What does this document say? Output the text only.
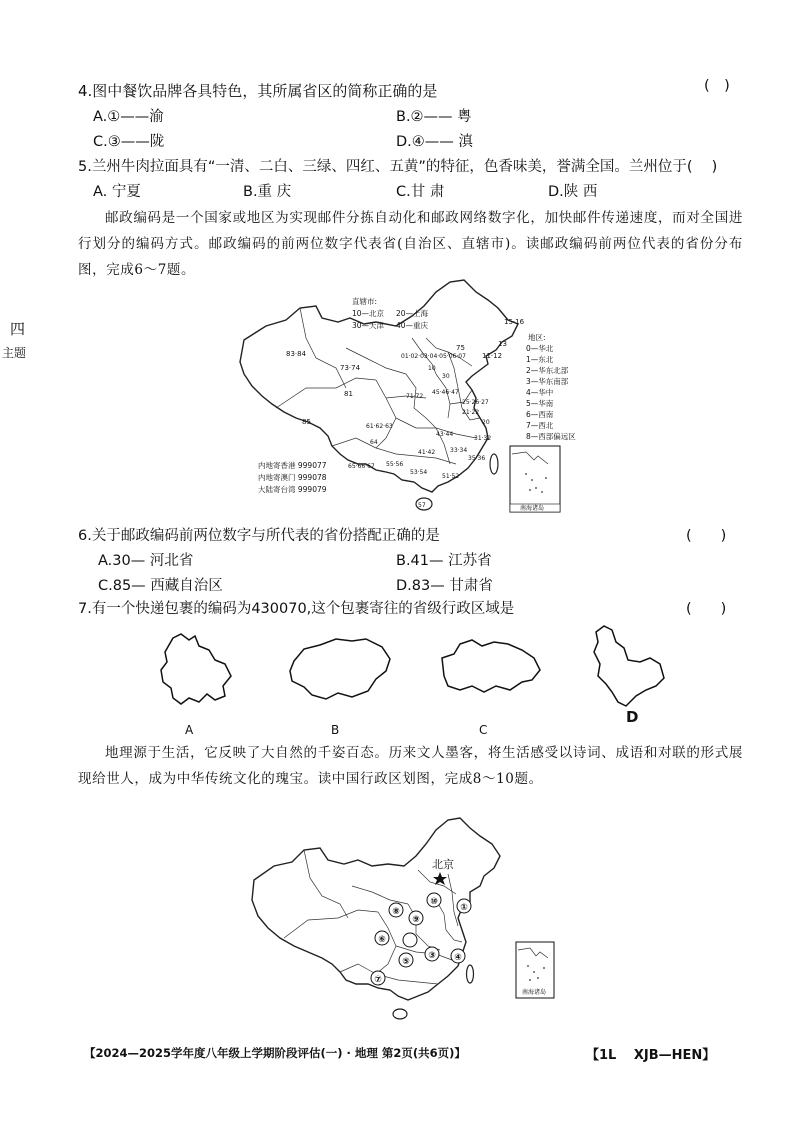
四
主题
4.图中餐饮品牌各具特色，其所属省区的简称正确的是	(　)
A.①——渝	B.②—— 粤
C.③——陇	D.④—— 滇
5.兰州牛肉拉面具有“一清、二白、三绿、四红、五黄”的特征，色香味美，誉满全国。兰州位于(　 )
A. 宁夏	B.重 庆	C.甘 肃	D.陕 西

邮政编码是一个国家或地区为实现邮件分拣自动化和邮政网络数字化，加快邮件传递速度，而对全国进行划分的编码方式。邮政编码的前两位数字代表省(自治区、直辖市)。读邮政编码前两位代表的省份分布图，完成6～7题。

83·84
15·16
13
11·12
73·74
01·02·03·04·05·06·07
81
75
85
71·72
45·46·47
25·26·27
21·22
61·62·63
64
43·44
41·42 33·34
31·32
35·36
55·56
53·54
51·52
65·66·67
57
10
30
20
直辖市:
10—北京 20—上海
30—天津 40—重庆
地区:
0—华北
1—东北
2—华东北部
3—华东南部
4—华中
5—华南
6—西南
7—西北
8—西部偏远区
内地寄香港 999077
内地寄澳门 999078
大陆寄台湾 999079
南海诸岛
6.关于邮政编码前两位数字与所代表的省份搭配正确的是	(　　)
A.30— 河北省	B.41— 江苏省
C.85— 西藏自治区	D.83— 甘肃省
7.有一个快递包裹的编码为430070,这个包裹寄往的省级行政区域是	(　　)
A	B	C
D

地理源于生活，它反映了大自然的千姿百态。历来文人墨客，将生活感受以诗词、成语和对联的形式展现给世人，成为中华传统文化的瑰宝。读中国行政区划图，完成8～10题。

北京
①
⑩
⑧
⑨
⑥
③ ④
⑤
⑦
南海诸岛
【2024—2025学年度八年级上学期阶段评估(一) · 地理 第2页(共6页)】	【1L　 XJB—HEN】
